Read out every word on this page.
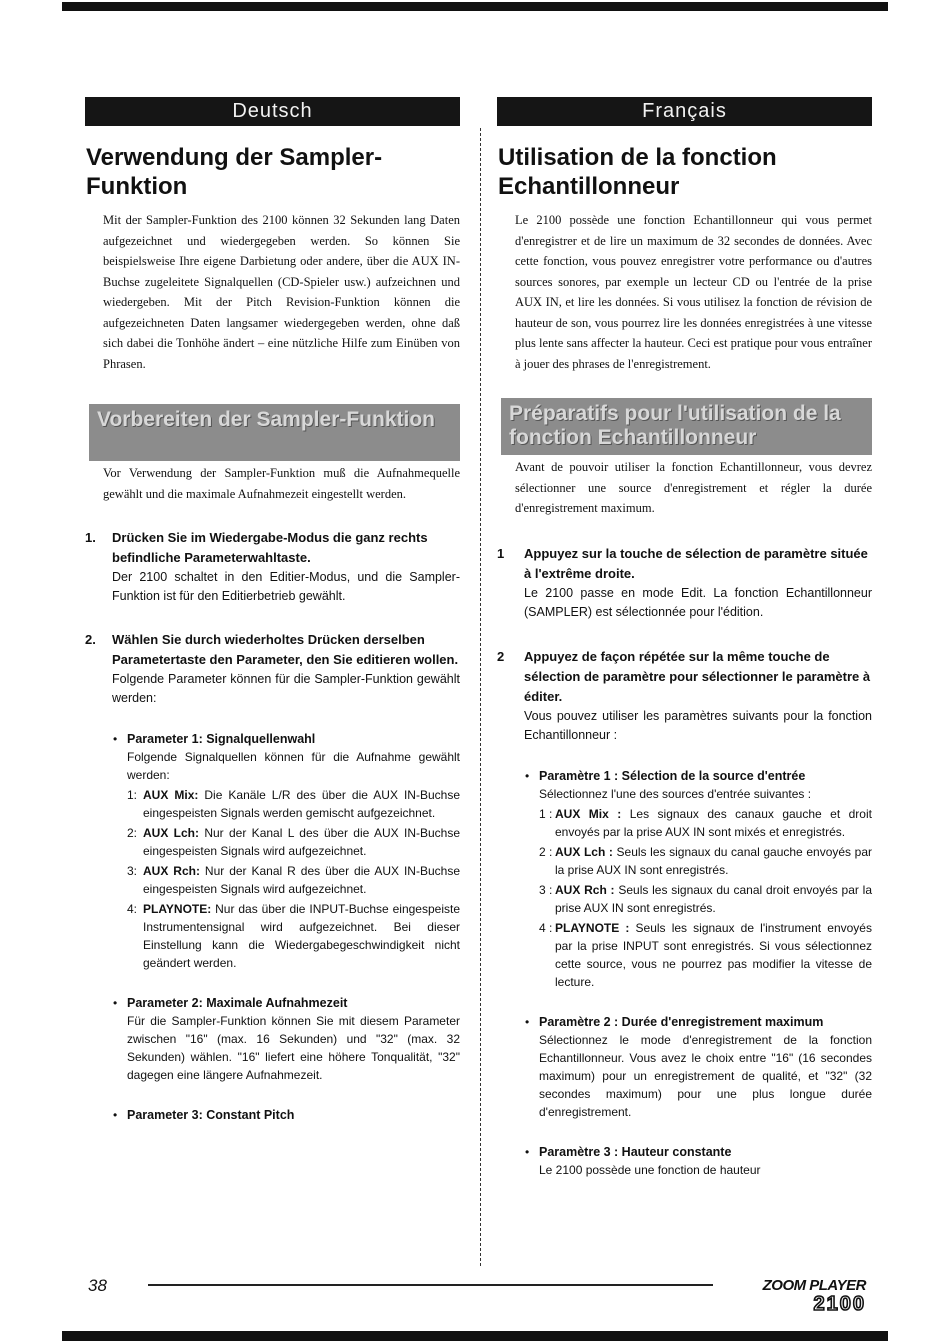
Deutsch
Verwendung der Sampler-Funktion
Mit der Sampler-Funktion des 2100 können 32 Sekunden lang Daten aufgezeichnet und wiedergegeben werden. So können Sie beispielsweise Ihre eigene Darbietung oder andere, über die AUX IN-Buchse zugeleitete Signalquellen (CD-Spieler usw.) aufzeichnen und wiedergeben. Mit der Pitch Revision-Funktion können die aufgezeichneten Daten langsamer wiedergegeben werden, ohne daß sich dabei die Tonhöhe ändert – eine nützliche Hilfe zum Einüben von Phrasen.
Vorbereiten der Sampler-Funktion
Vor Verwendung der Sampler-Funktion muß die Aufnahmequelle gewählt und die maximale Aufnahmezeit eingestellt werden.
1.	Drücken Sie im Wiedergabe-Modus die ganz rechts befindliche Parameterwahltaste.
Der 2100 schaltet in den Editier-Modus, und die Sampler-Funktion ist für den Editierbetrieb gewählt.
2.	Wählen Sie durch wiederholtes Drücken derselben Parametertaste den Parameter, den Sie editieren wollen.
Folgende Parameter können für die Sampler-Funktion gewählt werden:
• Parameter 1: Signalquellenwahl
Folgende Signalquellen können für die Aufnahme gewählt werden:
1: AUX Mix: Die Kanäle L/R des über die AUX IN-Buchse eingespeisten Signals werden gemischt aufgezeichnet.
2: AUX Lch: Nur der Kanal L des über die AUX IN-Buchse eingespeisten Signals wird aufgezeichnet.
3: AUX Rch: Nur der Kanal R des über die AUX IN-Buchse eingespeisten Signals wird aufgezeichnet.
4: PLAYNOTE: Nur das über die INPUT-Buchse eingespeiste Instrumentensignal wird aufgezeichnet. Bei dieser Einstellung kann die Wiedergabegeschwindigkeit nicht geändert werden.
• Parameter 2: Maximale Aufnahmezeit
Für die Sampler-Funktion können Sie mit diesem Parameter zwischen "16" (max. 16 Sekunden) und "32" (max. 32 Sekunden) wählen. "16" liefert eine höhere Tonqualität, "32" dagegen eine längere Aufnahmezeit.
• Parameter 3: Constant Pitch
Français
Utilisation de la fonction Echantillonneur
Le 2100 possède une fonction Echantillonneur qui vous permet d'enregistrer et de lire un maximum de 32 secondes de données. Avec cette fonction, vous pouvez enregistrer votre performance ou d'autres sources sonores, par exemple un lecteur CD ou l'entrée de la prise AUX IN, et lire les données. Si vous utilisez la fonction de révision de hauteur de son, vous pourrez lire les données enregistrées à une vitesse plus lente sans affecter la hauteur. Ceci est pratique pour vous entraîner à jouer des phrases de l'enregistrement.
Préparatifs pour l'utilisation de la fonction Echantillonneur
Avant de pouvoir utiliser la fonction Echantillonneur, vous devrez sélectionner une source d'enregistrement et régler la durée d'enregistrement maximum.
1	Appuyez sur la touche de sélection de paramètre située à l'extrême droite.
Le 2100 passe en mode Edit. La fonction Echantillonneur (SAMPLER) est sélectionnée pour l'édition.
2	Appuyez de façon répétée sur la même touche de sélection de paramètre pour sélectionner le paramètre à éditer.
Vous pouvez utiliser les paramètres suivants pour la fonction Echantillonneur :
• Paramètre 1 : Sélection de la source d'entrée
Sélectionnez l'une des sources d'entrée suivantes :
1 : AUX Mix : Les signaux des canaux gauche et droit envoyés par la prise AUX IN sont mixés et enregistrés.
2 : AUX Lch : Seuls les signaux du canal gauche envoyés par la prise AUX IN sont enregistrés.
3 : AUX Rch : Seuls les signaux du canal droit envoyés par la prise AUX IN sont enregistrés.
4 : PLAYNOTE : Seuls les signaux de l'instrument envoyés par la prise INPUT sont enregistrés. Si vous sélectionnez cette source, vous ne pourrez pas modifier la vitesse de lecture.
• Paramètre 2 : Durée d'enregistrement maximum
Sélectionnez le mode d'enregistrement de la fonction Echantillonneur. Vous avez le choix entre "16" (16 secondes maximum) pour un enregistrement de qualité, et "32" (32 secondes maximum) pour une plus longue durée d'enregistrement.
• Paramètre 3 : Hauteur constante
Le 2100 possède une fonction de hauteur
38	ZOOM PLAYER
2100
